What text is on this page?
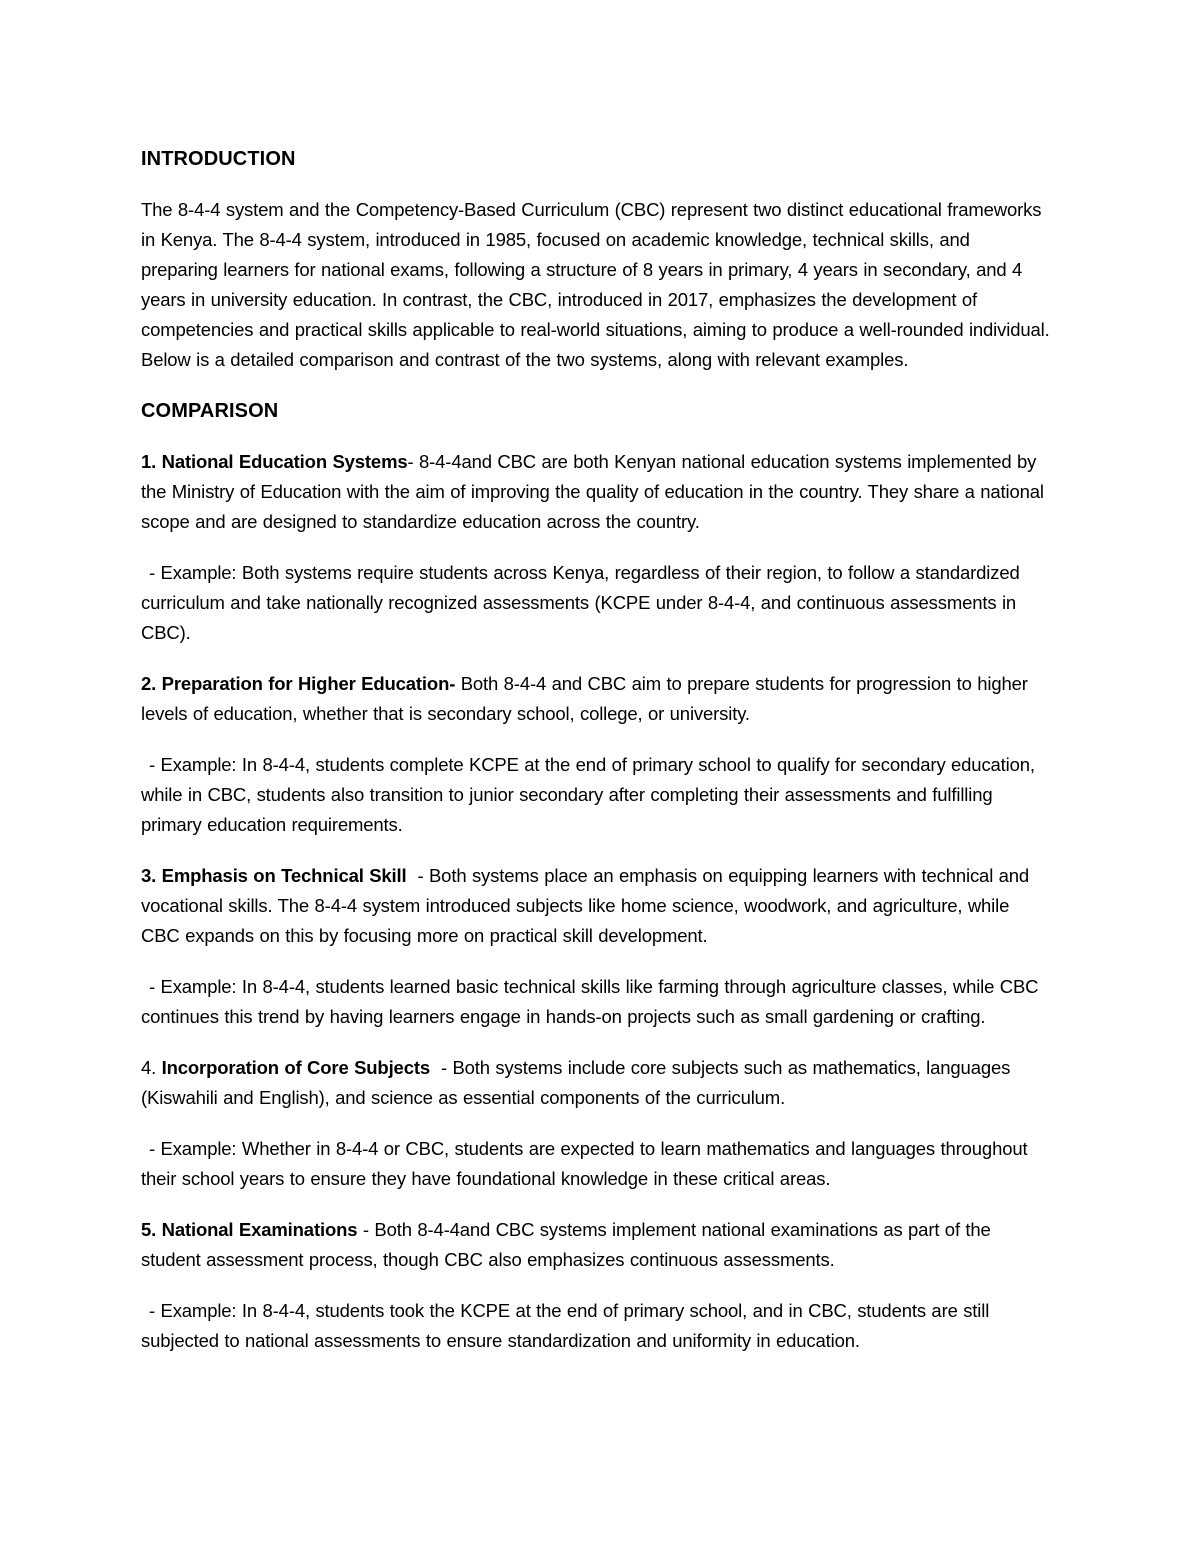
INTRODUCTION

The 8-4-4 system and the Competency-Based Curriculum (CBC) represent two distinct educational frameworks in Kenya. The 8-4-4 system, introduced in 1985, focused on academic knowledge, technical skills, and preparing learners for national exams, following a structure of 8 years in primary, 4 years in secondary, and 4 years in university education. In contrast, the CBC, introduced in 2017, emphasizes the development of competencies and practical skills applicable to real-world situations, aiming to produce a well-rounded individual. Below is a detailed comparison and contrast of the two systems, along with relevant examples.

COMPARISON

1. National Education Systems- 8-4-4and CBC are both Kenyan national education systems implemented by the Ministry of Education with the aim of improving the quality of education in the country. They share a national scope and are designed to standardize education across the country.

- Example: Both systems require students across Kenya, regardless of their region, to follow a standardized curriculum and take nationally recognized assessments (KCPE under 8-4-4, and continuous assessments in CBC).

2. Preparation for Higher Education- Both 8-4-4 and CBC aim to prepare students for progression to higher levels of education, whether that is secondary school, college, or university.

- Example: In 8-4-4, students complete KCPE at the end of primary school to qualify for secondary education, while in CBC, students also transition to junior secondary after completing their assessments and fulfilling primary education requirements.

3. Emphasis on Technical Skill  - Both systems place an emphasis on equipping learners with technical and vocational skills. The 8-4-4 system introduced subjects like home science, woodwork, and agriculture, while CBC expands on this by focusing more on practical skill development.

- Example: In 8-4-4, students learned basic technical skills like farming through agriculture classes, while CBC continues this trend by having learners engage in hands-on projects such as small gardening or crafting.

4. Incorporation of Core Subjects  - Both systems include core subjects such as mathematics, languages (Kiswahili and English), and science as essential components of the curriculum.

- Example: Whether in 8-4-4 or CBC, students are expected to learn mathematics and languages throughout their school years to ensure they have foundational knowledge in these critical areas.

5. National Examinations - Both 8-4-4and CBC systems implement national examinations as part of the student assessment process, though CBC also emphasizes continuous assessments.

- Example: In 8-4-4, students took the KCPE at the end of primary school, and in CBC, students are still subjected to national assessments to ensure standardization and uniformity in education.
